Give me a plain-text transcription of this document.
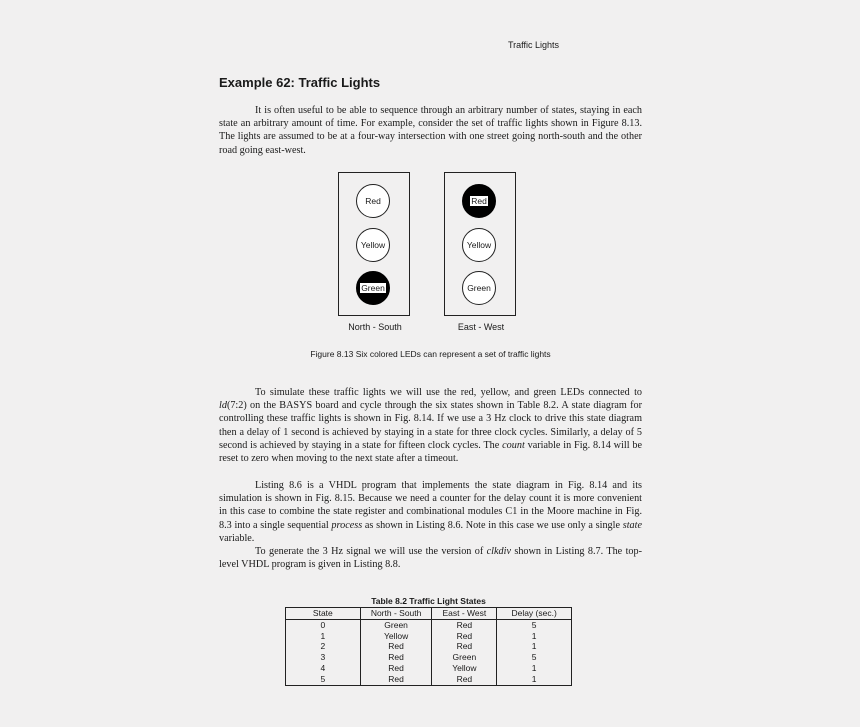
Traffic Lights
Example 62: Traffic Lights

It is often useful to be able to sequence through an arbitrary number of states, staying in each state an arbitrary amount of time. For example, consider the set of traffic lights shown in Figure 8.13. The lights are assumed to be at a four-way intersection with one street going north-south and the other road going east-west.

Red
Yellow
Green
Red
Yellow
Green
North - South	East - West
Figure 8.13 Six colored LEDs can represent a set of traffic lights

To simulate these traffic lights we will use the red, yellow, and green LEDs connected to ld(7:2) on the BASYS board and cycle through the six states shown in Table 8.2. A state diagram for controlling these traffic lights is shown in Fig. 8.14. If we use a 3 Hz clock to drive this state diagram then a delay of 1 second is achieved by staying in a state for three clock cycles. Similarly, a delay of 5 second is achieved by staying in a state for fifteen clock cycles. The count variable in Fig. 8.14 will be reset to zero when moving to the next state after a timeout.

Listing 8.6 is a VHDL program that implements the state diagram in Fig. 8.14 and its simulation is shown in Fig. 8.15. Because we need a counter for the delay count it is more convenient in this case to combine the state register and combinational modules C1 in the Moore machine in Fig. 8.3 into a single sequential process as shown in Listing 8.6. Note in this case we use only a single state variable.

To generate the 3 Hz signal we will use the version of clkdiv shown in Listing 8.7. The top-level VHDL program is given in Listing 8.8.

Table 8.2 Traffic Light States
State	North - South	East - West	Delay (sec.)
0	Green	Red	5
1	Yellow	Red	1
2	Red	Red	1
3	Red	Green	5
4	Red	Yellow	1
5	Red	Red	1
